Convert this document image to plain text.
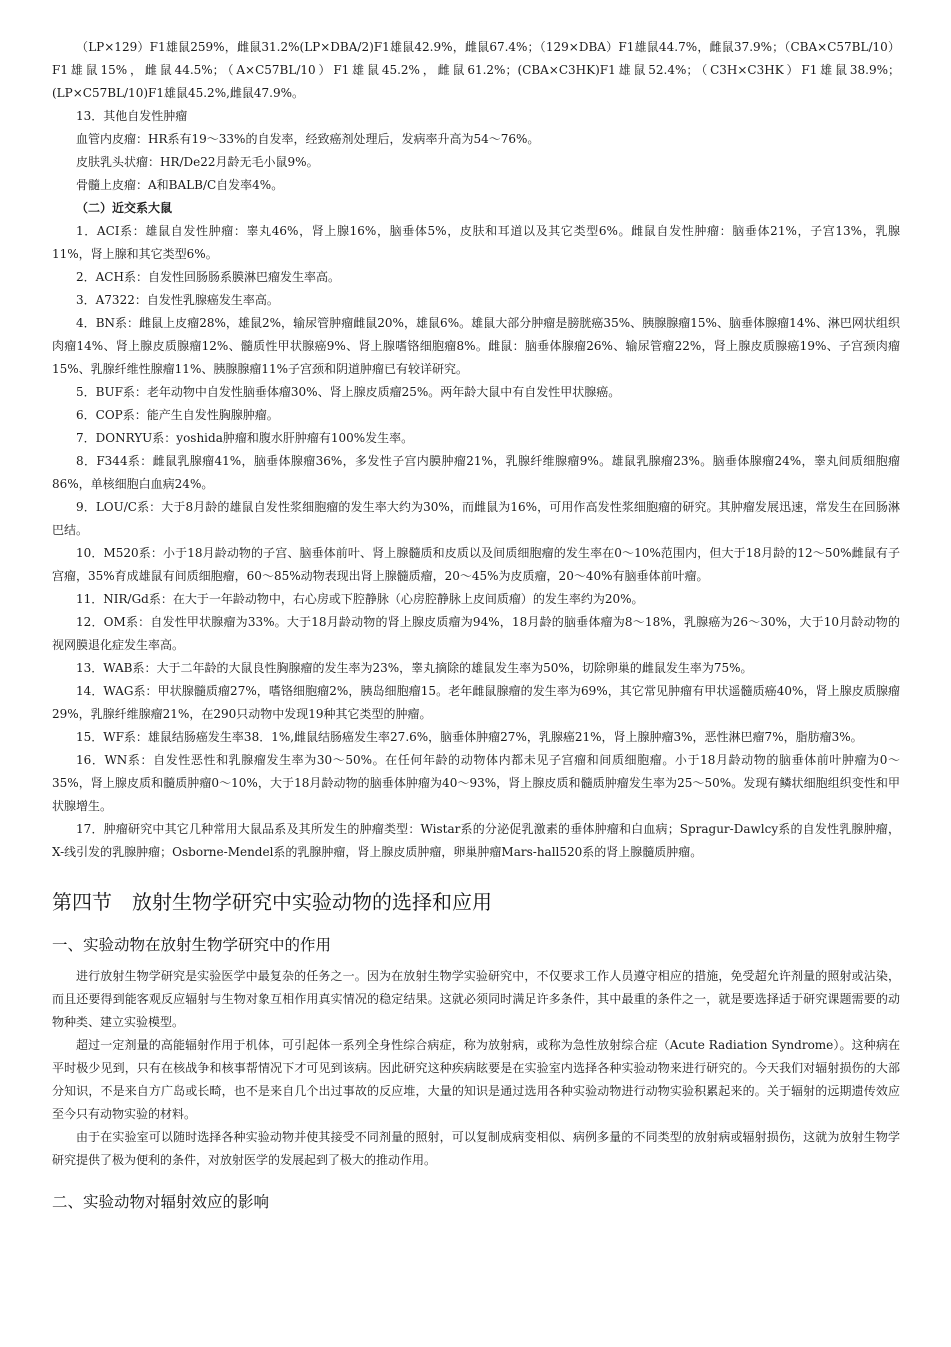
（LP×129）F1雄鼠259%，雌鼠31.2%(LP×DBA/2)F1雄鼠42.9%，雌鼠67.4%；（129×DBA）F1雄鼠44.7%，雌鼠37.9%；（CBA×C57BL/10）F1雄鼠15%，雌鼠44.5%；（A×C57BL/10）F1雄鼠45.2%，雌鼠61.2%；(CBA×C3HK)F1雄鼠52.4%；（C3H×C3HK）F1雄鼠38.9%；(LP×C57BL/10)F1雄鼠45.2%,雌鼠47.9%。

13．其他自发性肿瘤

血管内皮瘤：HR系有19～33%的自发率，经致癌剂处理后，发病率升高为54～76%。

皮肤乳头状瘤：HR/De22月龄无毛小鼠9%。

骨髓上皮瘤：A和BALB/C自发率4%。

（二）近交系大鼠

1．ACI系：雄鼠自发性肿瘤：睾丸46%，肾上腺16%，脑垂体5%，皮肤和耳道以及其它类型6%。雌鼠自发性肿瘤：脑垂体21%，子宫13%，乳腺11%，肾上腺和其它类型6%。

2．ACH系：自发性回肠肠系膜淋巴瘤发生率高。

3．A7322：自发性乳腺癌发生率高。

4．BN系：雌鼠上皮瘤28%，雄鼠2%，输尿管肿瘤雌鼠20%，雄鼠6%。雄鼠大部分肿瘤是膀胱癌35%、胰腺腺瘤15%、脑垂体腺瘤14%、淋巴网状组织肉瘤14%、肾上腺皮质腺瘤12%、髓质性甲状腺癌9%、肾上腺嗜铬细胞瘤8%。雌鼠：脑垂体腺瘤26%、输尿管瘤22%，肾上腺皮质腺癌19%、子宫颈肉瘤15%、乳腺纤维性腺瘤11%、胰腺腺瘤11%子宫颈和阴道肿瘤已有较详研究。

5．BUF系：老年动物中自发性脑垂体瘤30%、肾上腺皮质瘤25%。两年龄大鼠中有自发性甲状腺癌。

6．COP系：能产生自发性胸腺肿瘤。

7．DONRYU系：yoshida肿瘤和腹水肝肿瘤有100%发生率。

8．F344系：雌鼠乳腺瘤41%，脑垂体腺瘤36%，多发性子宫内膜肿瘤21%，乳腺纤维腺瘤9%。雄鼠乳腺瘤23%。脑垂体腺瘤24%，睾丸间质细胞瘤86%，单核细胞白血病24%。

9．LOU/C系：大于8月龄的雄鼠自发性浆细胞瘤的发生率大约为30%，而雌鼠为16%，可用作高发性浆细胞瘤的研究。其肿瘤发展迅速，常发生在回肠淋巴结。

10．M520系：小于18月龄动物的子宫、脑垂体前叶、肾上腺髓质和皮质以及间质细胞瘤的发生率在0～10%范围内，但大于18月龄的12～50%雌鼠有子宫瘤，35%育成雄鼠有间质细胞瘤，60～85%动物表现出肾上腺髓质瘤，20～45%为皮质瘤，20～40%有脑垂体前叶瘤。

11．NIR/Gd系：在大于一年龄动物中，右心房或下腔静脉（心房腔静脉上皮间质瘤）的发生率约为20%。

12．OM系：自发性甲状腺瘤为33%。大于18月龄动物的肾上腺皮质瘤为94%，18月龄的脑垂体瘤为8～18%，乳腺癌为26～30%，大于10月龄动物的视网膜退化症发生率高。

13．WAB系：大于二年龄的大鼠良性胸腺瘤的发生率为23%，睾丸摘除的雄鼠发生率为50%，切除卵巢的雌鼠发生率为75%。

14．WAG系：甲状腺髓质瘤27%，嗜铬细胞瘤2%，胰岛细胞瘤15。老年雌鼠腺瘤的发生率为69%，其它常见肿瘤有甲状遥髓质癌40%，肾上腺皮质腺瘤29%，乳腺纤维腺瘤21%，在290只动物中发现19种其它类型的肿瘤。

15．WF系：雄鼠结肠癌发生率38．1%,雌鼠结肠癌发生率27.6%，脑垂体肿瘤27%，乳腺癌21%，肾上腺肿瘤3%，恶性淋巴瘤7%，脂肪瘤3%。

16．WN系：自发性恶性和乳腺瘤发生率为30～50%。在任何年龄的动物体内都未见子宫瘤和间质细胞瘤。小于18月龄动物的脑垂体前叶肿瘤为0～35%，肾上腺皮质和髓质肿瘤0～10%，大于18月龄动物的脑垂体肿瘤为40～93%，肾上腺皮质和髓质肿瘤发生率为25～50%。发现有鳞状细胞组织变性和甲状腺增生。

17．肿瘤研究中其它几种常用大鼠品系及其所发生的肿瘤类型：Wistar系的分泌促乳激素的垂体肿瘤和白血病；Spragur-Dawlcy系的自发性乳腺肿瘤，X-线引发的乳腺肿瘤；Osborne-Mendel系的乳腺肿瘤，肾上腺皮质肿瘤，卵巢肿瘤Mars-hall520系的肾上腺髓质肿瘤。

第四节　放射生物学研究中实验动物的选择和应用
一、实验动物在放射生物学研究中的作用

进行放射生物学研究是实验医学中最复杂的任务之一。因为在放射生物学实验研究中，不仅要求工作人员遵守相应的措施，免受超允许剂量的照射或沾染，而且还要得到能客观反应辐射与生物对象互相作用真实情况的稳定结果。这就必须同时满足许多条件，其中最重的条件之一，就是要选择适于研究课题需要的动物种类、建立实验模型。

超过一定剂量的高能辐射作用于机体，可引起体一系列全身性综合病症，称为放射病，或称为急性放射综合症（Acute Radiation Syndrome）。这种病在平时极少见到，只有在核战争和核事帮情况下才可见到该病。因此研究这种疾病眩要是在实验室内选择各种实验动物来进行研究的。今天我们对辐射损伤的大部分知识，不是来自方广岛或长畸，也不是来自几个出过事故的反应堆，大量的知识是通过选用各种实验动物进行动物实验积累起来的。关于辐射的远期遗传效应至今只有动物实验的材料。

由于在实验室可以随时选择各种实验动物并使其接受不同剂量的照射，可以复制成病变相似、病例多量的不同类型的放射病或辐射损伤，这就为放射生物学研究提供了极为便利的条件，对放射医学的发展起到了极大的推动作用。

二、实验动物对辐射效应的影响
